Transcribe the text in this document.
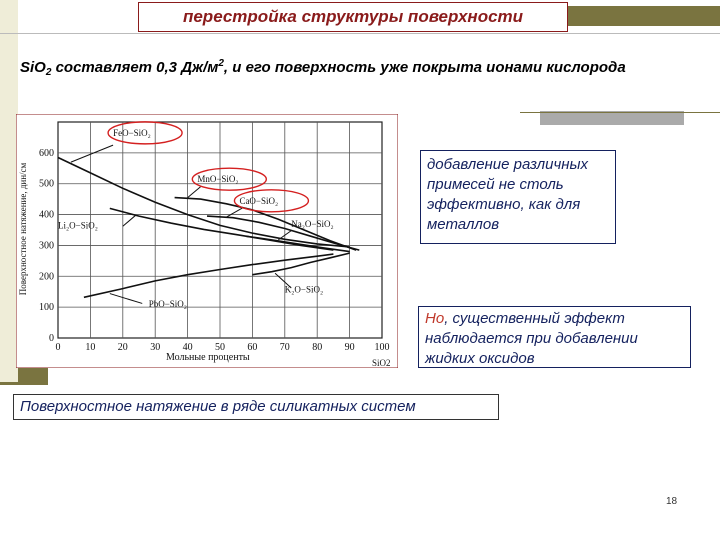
перестройка структуры поверхности
SiO$_2$ составляет 0,3 $Дж/м^2$, и его поверхность уже покрыта ионами кислорода
0 10 20 30 40 50 60 70 80 90 100
0
100
200
300
400
500
600
FeO−SiO₂
MnO−SiO₂
CaO−SiO₂
Na₂O−SiO₂
Li₂O−SiO₂
PbO−SiO₂
K₂O−SiO₂
Поверхностное натяжение, дин/см
Мольные проценты	SiO2
добавление различных примесей не столь эффективно, как для металлов
Но, существенный эффект наблюдается при добавлении жидких оксидов
Поверхностное натяжение в ряде силикатных систем
18
